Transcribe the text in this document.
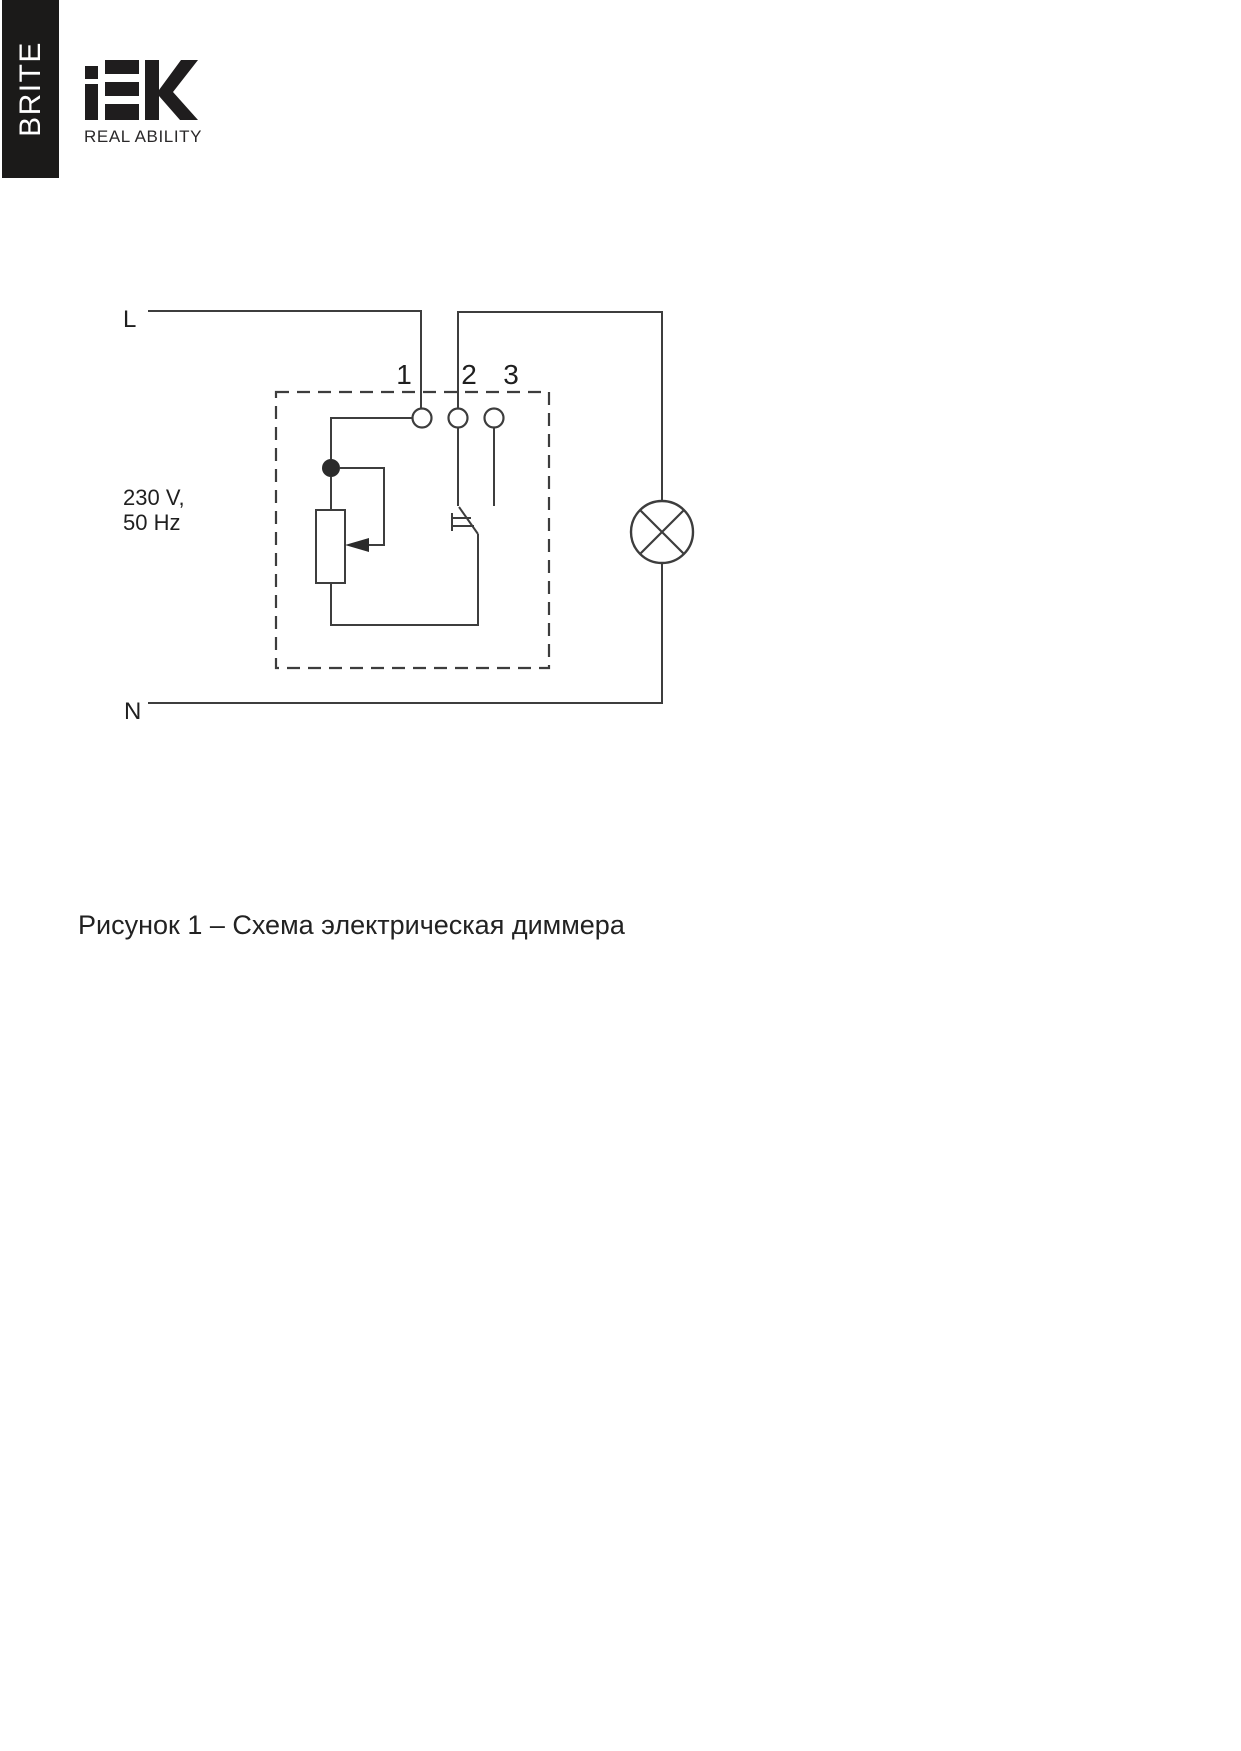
BRITE REAL ABILITY
1 2 3
L
N
230 V,
50 Hz
Рисунок 1 – Схема электрическая диммера
